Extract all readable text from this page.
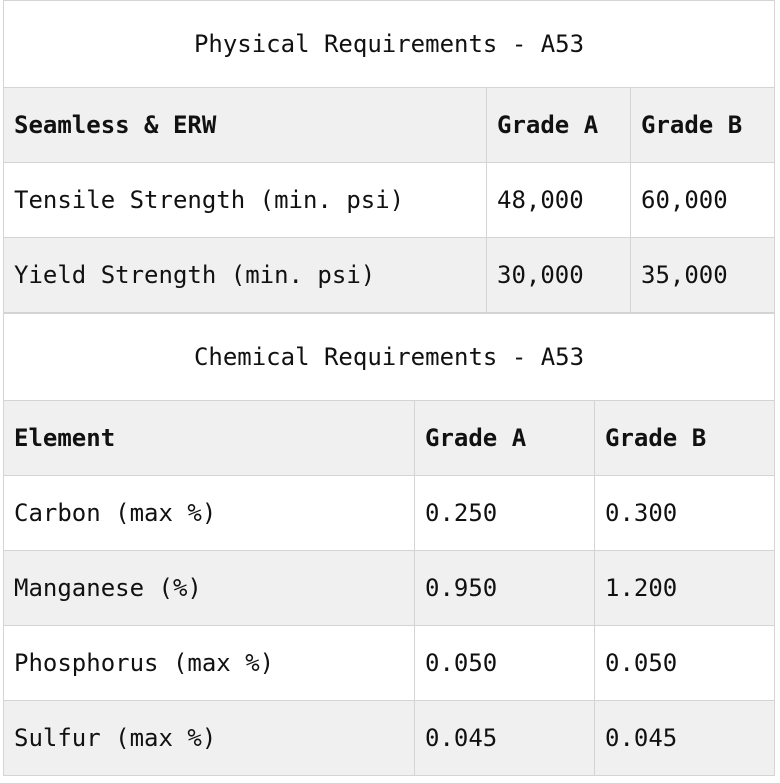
Physical Requirements - A53		
Seamless & ERW	Grade A	Grade B
Tensile Strength (min. psi)	48,000	60,000
Yield Strength (min. psi)	30,000	35,000
Chemical Requirements - A53		
Element	Grade A	Grade B
Carbon (max %)	0.250	0.300
Manganese (%)	0.950	1.200
Phosphorus (max %)	0.050	0.050
Sulfur (max %)	0.045	0.045
